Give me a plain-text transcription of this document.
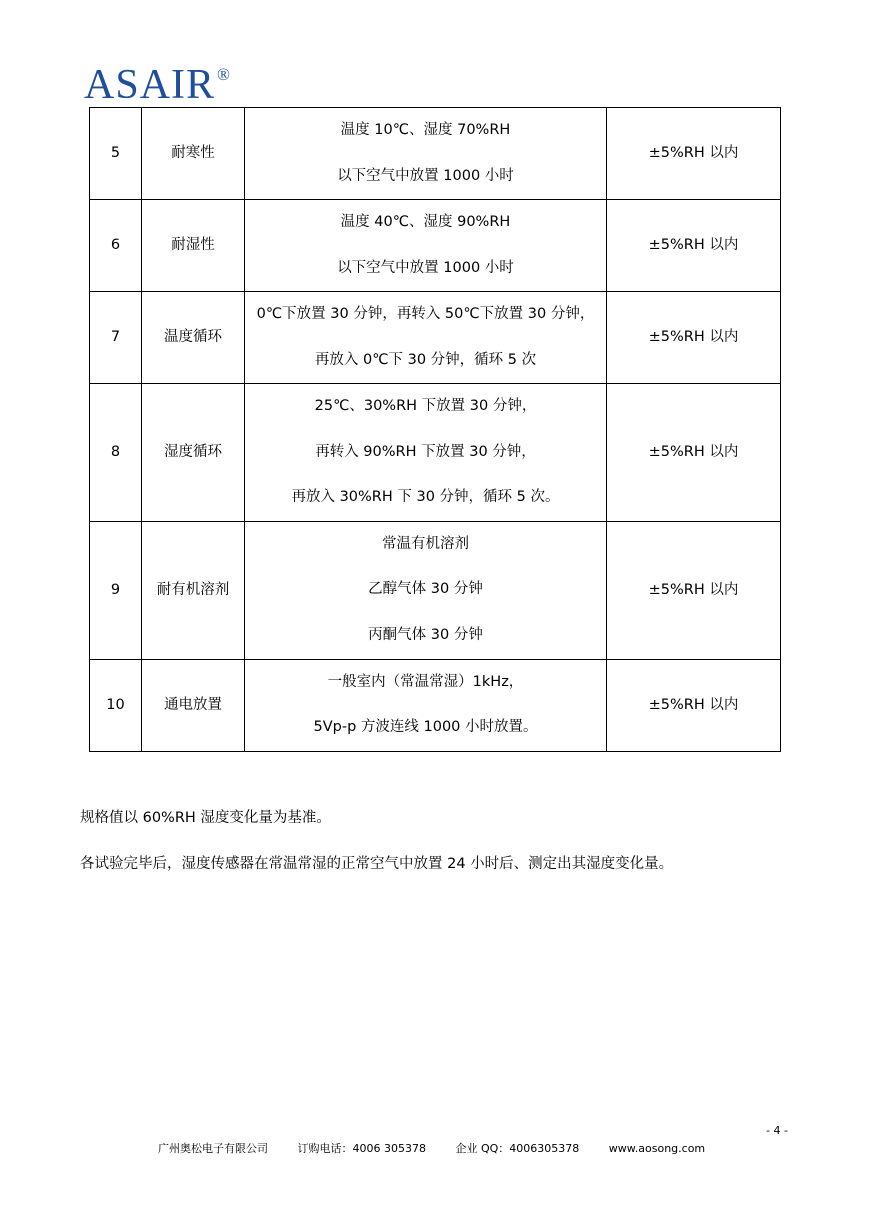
ASAIR ®
5	耐寒性	温度 10℃、湿度 70%RH
以下空气中放置 1000 小时	±5%RH 以内
6	耐湿性	温度 40℃、湿度 90%RH
以下空气中放置 1000 小时	±5%RH 以内
7	温度循环	0℃下放置 30 分钟，再转入 50℃下放置 30 分钟，
再放入 0℃下 30 分钟，循环 5 次	±5%RH 以内
8	湿度循环	25℃、30%RH 下放置 30 分钟，
再转入 90%RH 下放置 30 分钟，
再放入 30%RH 下 30 分钟，循环 5 次。	±5%RH 以内
9	耐有机溶剂	常温有机溶剂
乙醇气体 30 分钟
丙酮气体 30 分钟	±5%RH 以内
10	通电放置	一般室内（常温常湿）1kHz，
5Vp-p 方波连线 1000 小时放置。	±5%RH 以内
规格值以 60%RH 湿度变化量为基准。
各试验完毕后，湿度传感器在常温常湿的正常空气中放置 24 小时后、测定出其湿度变化量。
- 4 -
广州奥松电子有限公司	订购电话：4006 305378	企业 QQ：4006305378	www.aosong.com
